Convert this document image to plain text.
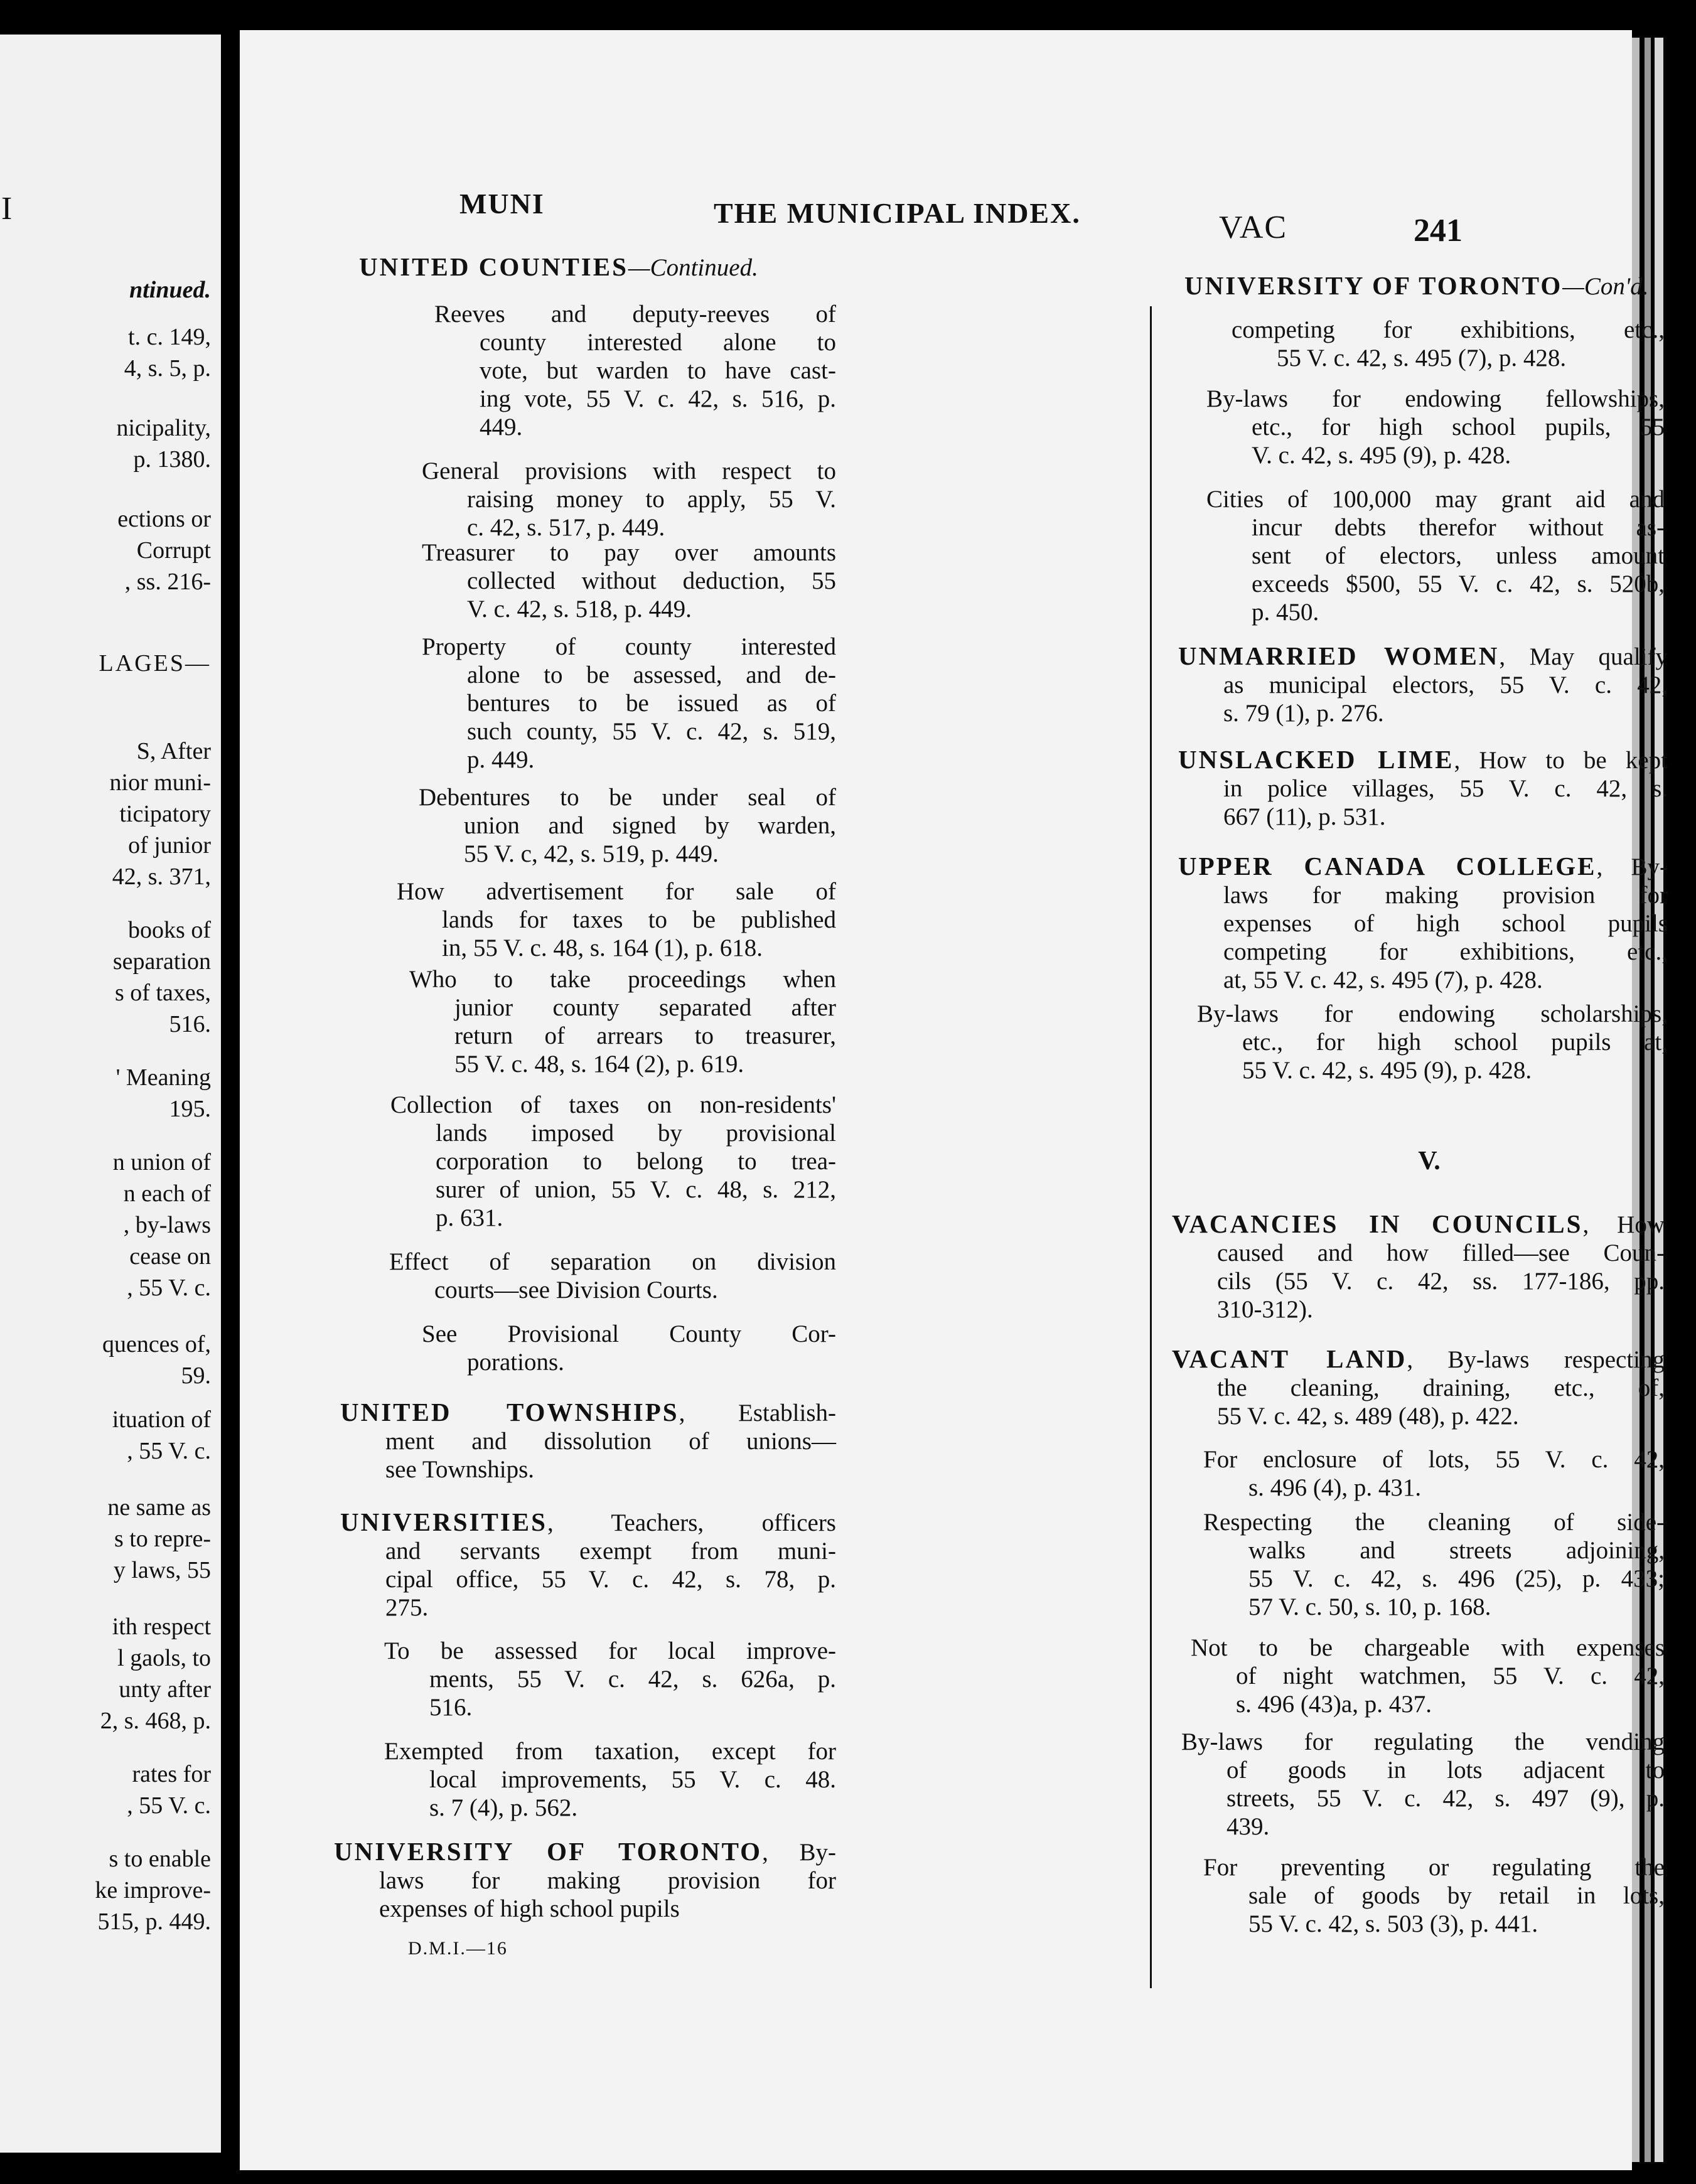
I

ntinued.

t. c. 149,

4, s. 5, p.

nicipality,

p. 1380.

ections or

Corrupt

, ss. 216-

LAGES—

S, After

nior muni-

ticipatory

of junior

42, s. 371,

books of

separation

s of taxes,

516.

' Meaning

195.

n union of

n each of

, by-laws

cease on

, 55 V. c.

quences of,

59.

ituation of

, 55 V. c.

ne same as

s to repre-

y laws, 55

ith respect

l gaols, to

unty after

2, s. 468, p.

rates for

, 55 V. c.

s to enable

ke improve-

515, p. 449.

MUNI	THE MUNICIPAL INDEX.	VAC	241

UNITED COUNTIES—Continued.
Reeves and deputy-reeves of
county interested alone to
vote, but warden to have cast-
ing vote, 55 V. c. 42, s. 516, p.
449.
General provisions with respect to
raising money to apply, 55 V.
c. 42, s. 517, p. 449.
Treasurer to pay over amounts
collected without deduction, 55
V. c. 42, s. 518, p. 449.
Property of county interested
alone to be assessed, and de-
bentures to be issued as of
such county, 55 V. c. 42, s. 519,
p. 449.
Debentures to be under seal of
union and signed by warden,
55 V. c, 42, s. 519, p. 449.
How advertisement for sale of
lands for taxes to be published
in, 55 V. c. 48, s. 164 (1), p. 618.
Who to take proceedings when
junior county separated after
return of arrears to treasurer,
55 V. c. 48, s. 164 (2), p. 619.
Collection of taxes on non-residents'
lands imposed by provisional
corporation to belong to trea-
surer of union, 55 V. c. 48, s. 212,
p. 631.
Effect of separation on division
courts—see Division Courts.
See Provisional County Cor-
porations.
UNITED TOWNSHIPS, Establish-
ment and dissolution of unions—
see Townships.
UNIVERSITIES, Teachers, officers
and servants exempt from muni-
cipal office, 55 V. c. 42, s. 78, p.
275.
To be assessed for local improve-
ments, 55 V. c. 42, s. 626a, p.
516.
Exempted from taxation, except for
local improvements, 55 V. c. 48.
s. 7 (4), p. 562.
UNIVERSITY OF TORONTO, By-
laws for making provision for
expenses of high school pupils
UNIVERSITY OF TORONTO—Con'd.
competing for exhibitions, etc.,
55 V. c. 42, s. 495 (7), p. 428.
By-laws for endowing fellowships,
etc., for high school pupils, 55
V. c. 42, s. 495 (9), p. 428.
Cities of 100,000 may grant aid and
incur debts therefor without as-
sent of electors, unless amount
exceeds $500, 55 V. c. 42, s. 520b,
p. 450.
UNMARRIED WOMEN, May qualify
as municipal electors, 55 V. c. 42,
s. 79 (1), p. 276.
UNSLACKED LIME, How to be kept
in police villages, 55 V. c. 42, s.
667 (11), p. 531.
UPPER CANADA COLLEGE, By-
laws for making provision for
expenses of high school pupils
competing for exhibitions, etc.,
at, 55 V. c. 42, s. 495 (7), p. 428.
By-laws for endowing scholarships,
etc., for high school pupils at,
55 V. c. 42, s. 495 (9), p. 428.
V.
VACANCIES IN COUNCILS, How
caused and how filled—see Coun-
cils (55 V. c. 42, ss. 177-186, pp.
310-312).
VACANT LAND, By-laws respecting
the cleaning, draining, etc., of,
55 V. c. 42, s. 489 (48), p. 422.
For enclosure of lots, 55 V. c. 42,
s. 496 (4), p. 431.
Respecting the cleaning of side-
walks and streets adjoining,
55 V. c. 42, s. 496 (25), p. 433;
57 V. c. 50, s. 10, p. 168.
Not to be chargeable with expenses
of night watchmen, 55 V. c. 42,
s. 496 (43)a, p. 437.
By-laws for regulating the vending
of goods in lots adjacent to
streets, 55 V. c. 42, s. 497 (9), p.
439.
For preventing or regulating the
sale of goods by retail in lots,
55 V. c. 42, s. 503 (3), p. 441.

D.M.I.—16
